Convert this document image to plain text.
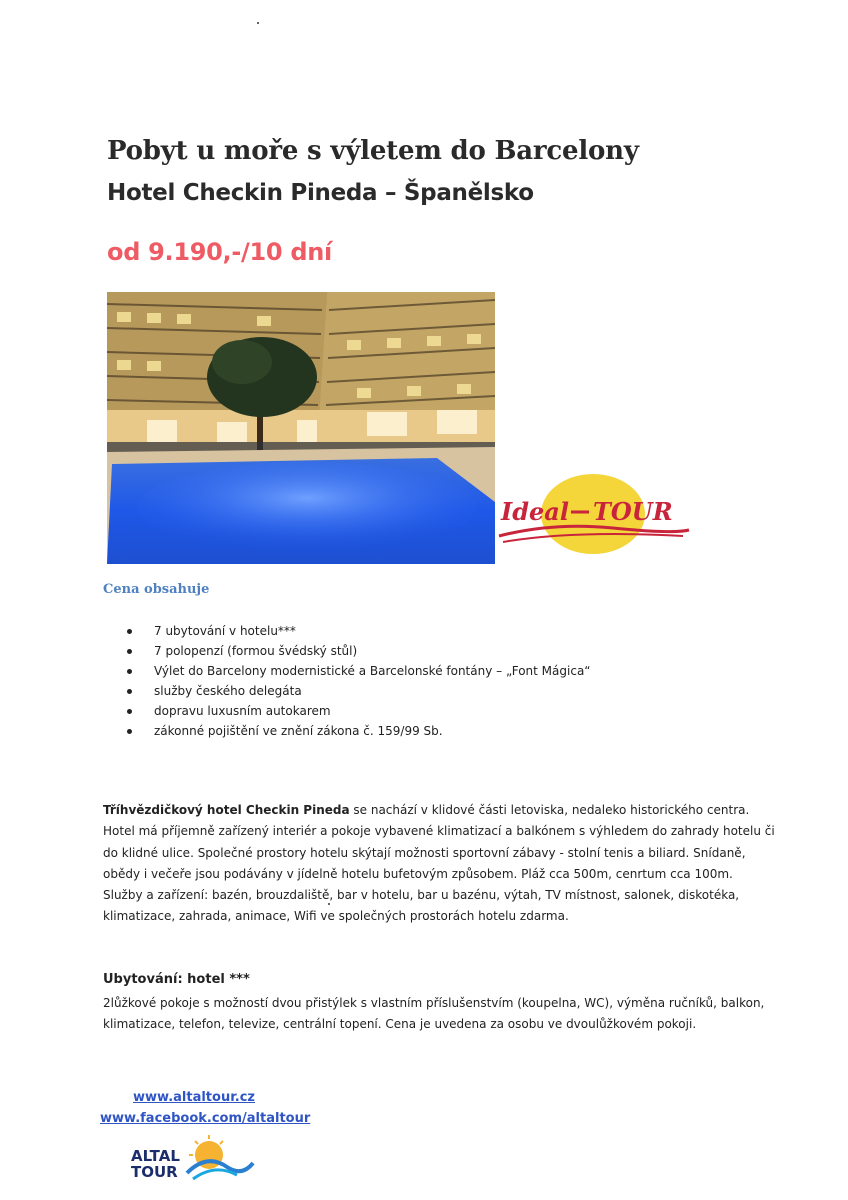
Pobyt u moře s výletem do Barcelony
Hotel Checkin Pineda – Španělsko
od 9.190,-/10 dní
Ideal TOUR
Cena obsahuje
7 ubytování v hotelu***
7 polopenzí (formou švédský stůl)
Výlet do Barcelony modernistické a Barcelonské fontány – „Font Mágica“
služby českého delegáta
dopravu luxusním autokarem
zákonné pojištění ve znění zákona č. 159/99 Sb.

Tříhvězdičkový hotel Checkin Pineda se nachází v klidové části letoviska, nedaleko historického centra. Hotel má příjemně zařízený interiér a pokoje vybavené klimatizací a balkónem s výhledem do zahrady hotelu či do klidné ulice. Společné prostory hotelu skýtají možnosti sportovní zábavy - stolní tenis a biliard. Snídaně, obědy i večeře jsou podávány v jídelně hotelu bufetovým způsobem. Pláž cca 500m, cenrtum cca 100m.

Služby a zařízení: bazén, brouzdaliště, bar v hotelu, bar u bazénu, výtah, TV místnost, salonek, diskotéka, klimatizace, zahrada, animace, Wifi ve společných prostorách hotelu zdarma.

Ubytování: hotel ***
2lůžkové pokoje s možností dvou přistýlek s vlastním příslušenstvím (koupelna, WC), výměna ručníků, balkon, klimatizace, telefon, televize, centrální topení. Cena je uvedena za osobu ve dvoulůžkovém pokoji.
www.altaltour.cz
www.facebook.com/altaltour
ALTAL
TOUR
